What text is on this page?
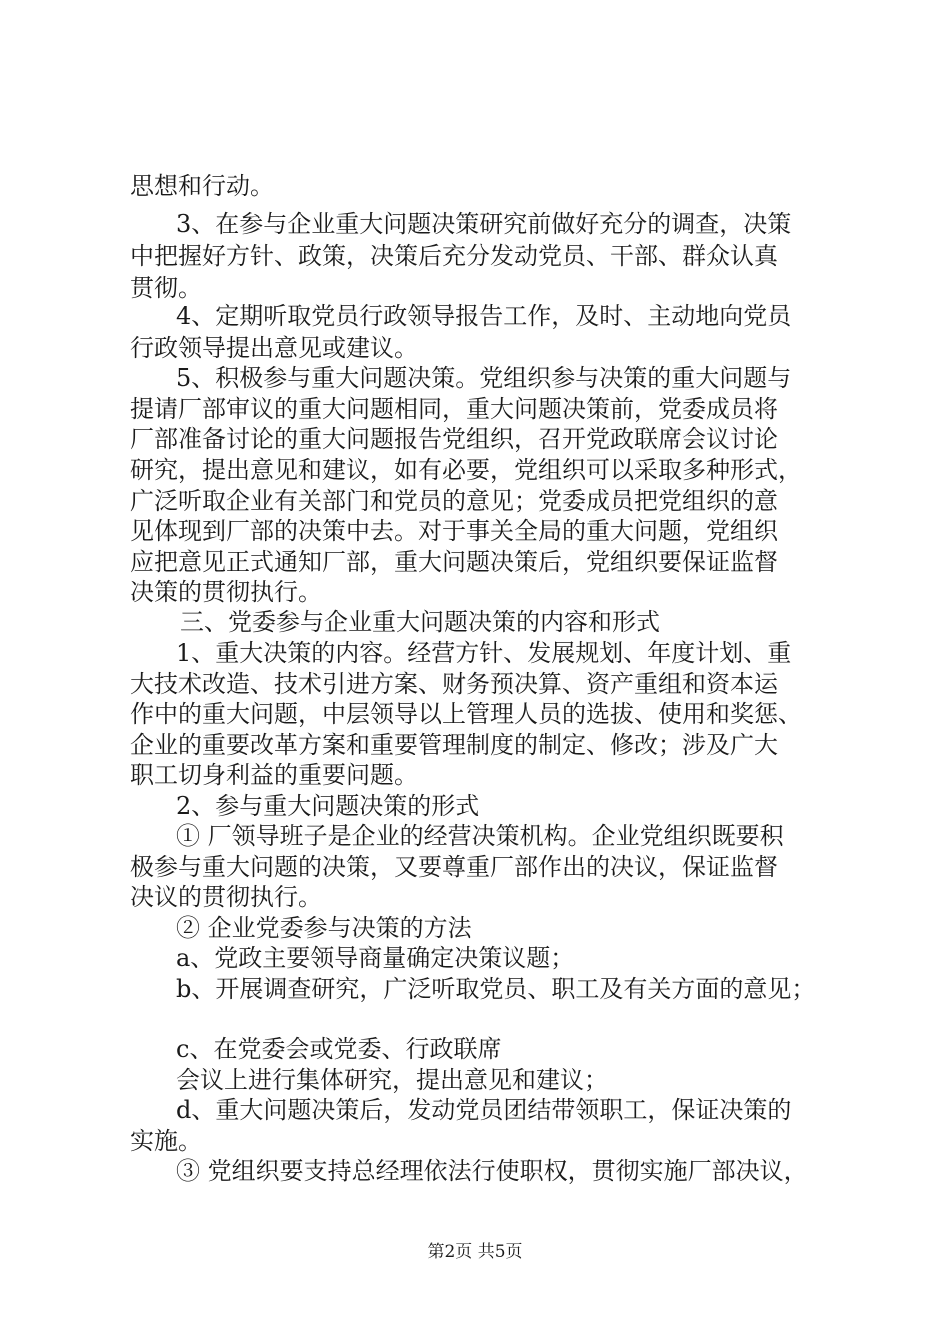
思想和行动。
3、在参与企业重大问题决策研究前做好充分的调查，决策
中把握好方针、政策，决策后充分发动党员、干部、群众认真
贯彻。
4、定期听取党员行政领导报告工作，及时、主动地向党员
行政领导提出意见或建议。
5、积极参与重大问题决策。党组织参与决策的重大问题与
提请厂部审议的重大问题相同，重大问题决策前，党委成员将
厂部准备讨论的重大问题报告党组织，召开党政联席会议讨论
研究，提出意见和建议，如有必要，党组织可以采取多种形式，
广泛听取企业有关部门和党员的意见；党委成员把党组织的意
见体现到厂部的决策中去。对于事关全局的重大问题，党组织
应把意见正式通知厂部，重大问题决策后，党组织要保证监督
决策的贯彻执行。
三、党委参与企业重大问题决策的内容和形式
1、重大决策的内容。经营方针、发展规划、年度计划、重
大技术改造、技术引进方案、财务预决算、资产重组和资本运
作中的重大问题，中层领导以上管理人员的选拔、使用和奖惩、
企业的重要改革方案和重要管理制度的制定、修改；涉及广大
职工切身利益的重要问题。
2、参与重大问题决策的形式
① 厂领导班子是企业的经营决策机构。企业党组织既要积
极参与重大问题的决策，又要尊重厂部作出的决议，保证监督
决议的贯彻执行。
② 企业党委参与决策的方法
a、党政主要领导商量确定决策议题；
b、开展调查研究，广泛听取党员、职工及有关方面的意见；
c、在党委会或党委、行政联席
会议上进行集体研究，提出意见和建议；
d、重大问题决策后，发动党员团结带领职工，保证决策的
实施。
③ 党组织要支持总经理依法行使职权，贯彻实施厂部决议，
第2页 共5页
